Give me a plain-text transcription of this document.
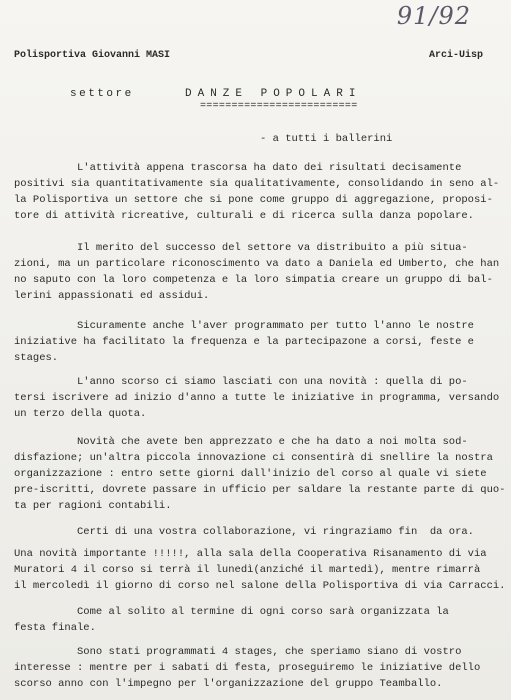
91/92
Polisportiva Giovanni MASI	Arci-Uisp
settore	DANZE POPOLARI
=========================
- a tutti i ballerini
L'attività appena trascorsa ha dato dei risultati decisamente
positivi sia quantitativamente sia qualitativamente, consolidando in seno al-
la Polisportiva un settore che si pone come gruppo di aggregazione, proposi-
tore di attività ricreative, culturali e di ricerca sulla danza popolare.
Il merito del successo del settore va distribuito a più situa-
zioni, ma un particolare riconoscimento va dato a Daniela ed Umberto, che han
no saputo con la loro competenza e la loro simpatia creare un gruppo di bal-
lerini appassionati ed assidui.
Sicuramente anche l'aver programmato per tutto l'anno le nostre
iniziative ha facilitato la frequenza e la partecipazone a corsi, feste e
stages.
L'anno scorso ci siamo lasciati con una novità : quella di po-
tersi iscrivere ad inizio d'anno a tutte le iniziative in programma, versando
un terzo della quota.
Novità che avete ben apprezzato e che ha dato a noi molta sod-
disfazione; un'altra piccola innovazione ci consentirà di snellire la nostra
organizzazione : entro sette giorni dall'inizio del corso al quale vi siete
pre-iscritti, dovrete passare in ufficio per saldare la restante parte di quo-
ta per ragioni contabili.
Certi di una vostra collaborazione, vi ringraziamo fin  da ora.
Una novità importante !!!!!, alla sala della Cooperativa Risanamento di via
Muratori 4 il corso si terrà il lunedì(anziché il martedì), mentre rimarrà
il mercoledì il giorno di corso nel salone della Polisportiva di via Carracci.
Come al solito al termine di ogni corso sarà organizzata la
festa finale.
Sono stati programmati 4 stages, che speriamo siano di vostro
interesse : mentre per i sabati di festa, proseguiremo le iniziative dello
scorso anno con l'impegno per l'organizzazione del gruppo Teamballo.
